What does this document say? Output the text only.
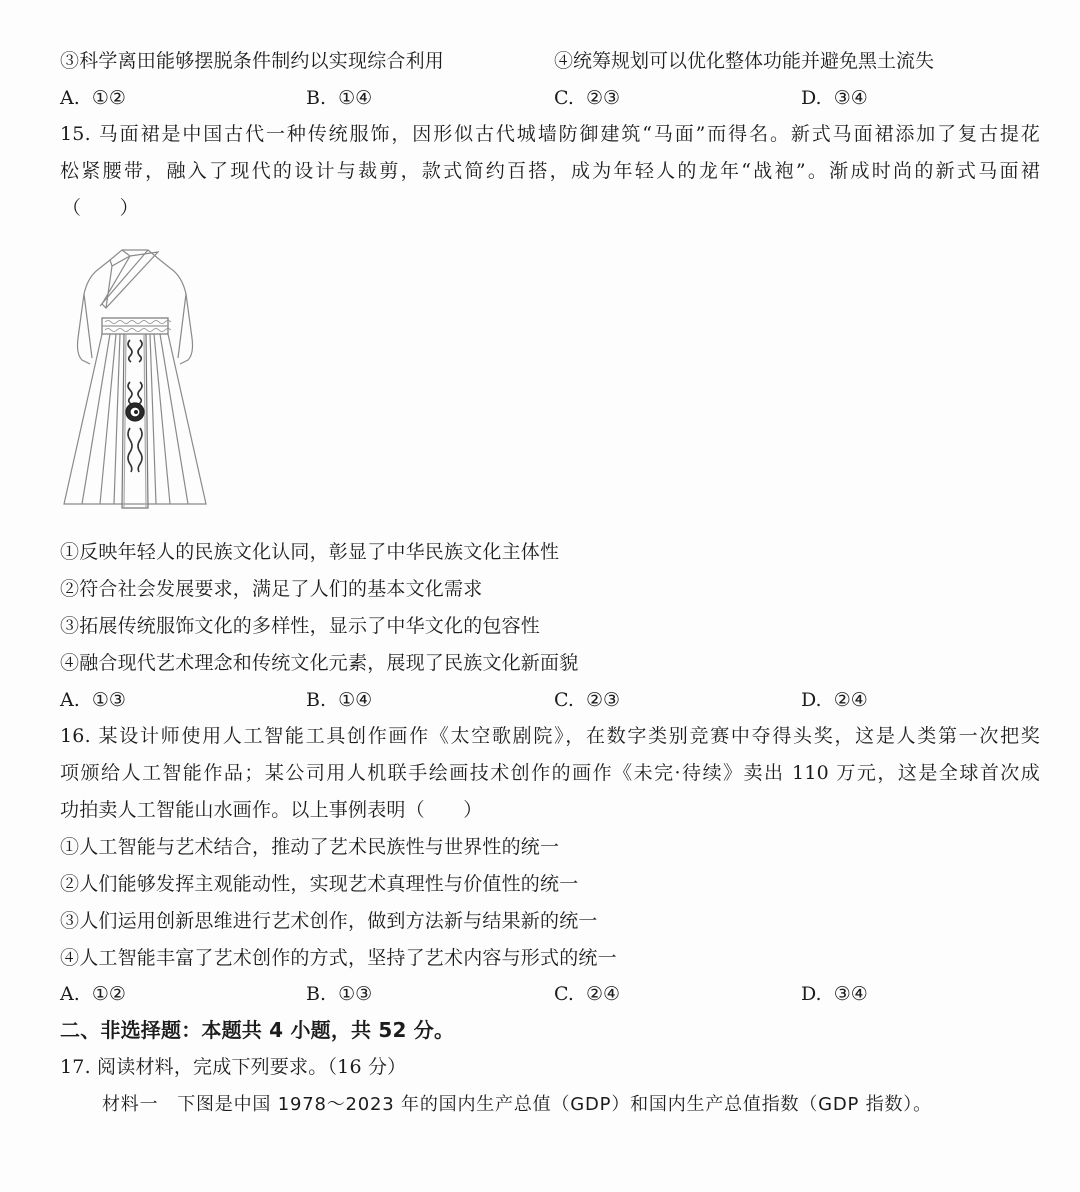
③科学离田能够摆脱条件制约以实现综合利用	④统筹规划可以优化整体功能并避免黑土流失
A. ①②	B. ①④	C. ②③	D. ③④
15. 马面裙是中国古代一种传统服饰，因形似古代城墙防御建筑“马面”而得名。新式马面裙添加了复古提花
松紧腰带，融入了现代的设计与裁剪，款式简约百搭，成为年轻人的龙年“战袍”。渐成时尚的新式马面裙
（　　）
①反映年轻人的民族文化认同，彰显了中华民族文化主体性
②符合社会发展要求，满足了人们的基本文化需求
③拓展传统服饰文化的多样性，显示了中华文化的包容性
④融合现代艺术理念和传统文化元素，展现了民族文化新面貌
A. ①③	B. ①④	C. ②③	D. ②④
16. 某设计师使用人工智能工具创作画作《太空歌剧院》，在数字类别竞赛中夺得头奖，这是人类第一次把奖
项颁给人工智能作品；某公司用人机联手绘画技术创作的画作《未完·待续》卖出 110 万元，这是全球首次成
功拍卖人工智能山水画作。以上事例表明（　　）
①人工智能与艺术结合，推动了艺术民族性与世界性的统一
②人们能够发挥主观能动性，实现艺术真理性与价值性的统一
③人们运用创新思维进行艺术创作，做到方法新与结果新的统一
④人工智能丰富了艺术创作的方式，坚持了艺术内容与形式的统一
A. ①②	B. ①③	C. ②④	D. ③④
二、非选择题：本题共 4 小题，共 52 分。
17. 阅读材料，完成下列要求。（16 分）
材料一　下图是中国 1978～2023 年的国内生产总值（GDP）和国内生产总值指数（GDP 指数）。
